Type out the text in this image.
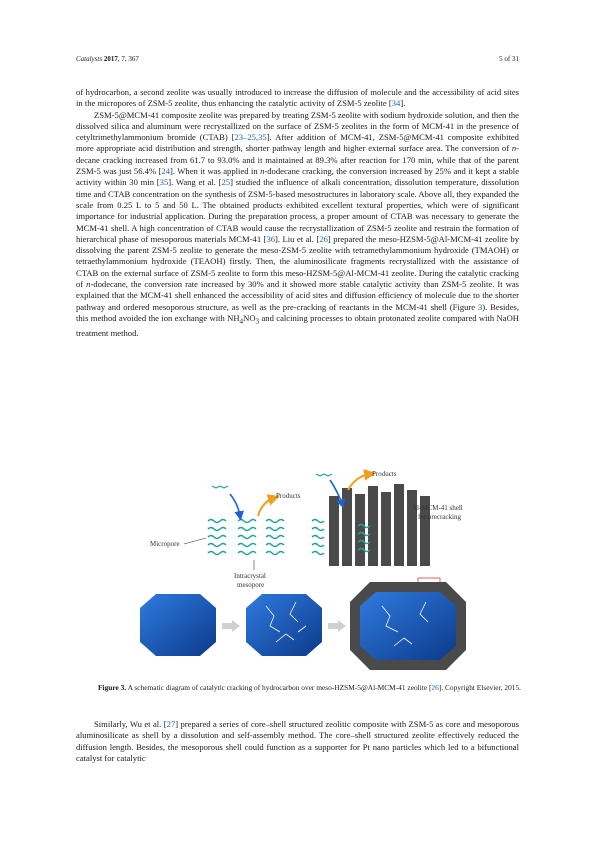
Catalysts 2017, 7, 367	5 of 31

of hydrocarbon, a second zeolite was usually introduced to increase the diffusion of molecule and the accessibility of acid sites in the micropores of ZSM-5 zeolite, thus enhancing the catalytic activity of ZSM-5 zeolite [34].

ZSM-5@MCM-41 composite zeolite was prepared by treating ZSM-5 zeolite with sodium hydroxide solution, and then the dissolved silica and aluminum were recrystallized on the surface of ZSM-5 zeolites in the form of MCM-41 in the presence of cetyltrimethylammonium bromide (CTAB) [23–25,35]. After addition of MCM-41, ZSM-5@MCM-41 composite exhibited more appropriate acid distribution and strength, shorter pathway length and higher external surface area. The conversion of n-decane cracking increased from 61.7 to 93.0% and it maintained at 89.3% after reaction for 170 min, while that of the parent ZSM-5 was just 56.4% [24]. When it was applied in n-dodecane cracking, the conversion increased by 25% and it kept a stable activity within 30 min [35]. Wang et al. [25] studied the influence of alkali concentration, dissolution temperature, dissolution time and CTAB concentration on the synthesis of ZSM-5-based mesostructures in laboratory scale. Above all, they expanded the scale from 0.25 L to 5 and 50 L. The obtained products exhibited excellent textural properties, which were of significant importance for industrial application. During the preparation process, a proper amount of CTAB was necessary to generate the MCM-41 shell. A high concentration of CTAB would cause the recrystallization of ZSM-5 zeolite and restrain the formation of hierarchical phase of mesoporous materials MCM-41 [36]. Liu et al. [26] prepared the meso-HZSM-5@Al-MCM-41 zeolite by dissolving the parent ZSM-5 zeolite to generate the meso-ZSM-5 zeolite with tetramethylammonium hydroxide (TMAOH) or tetraethylammonium hydroxide (TEAOH) firstly. Then, the aluminosilicate fragments recrystallized with the assistance of CTAB on the external surface of ZSM-5 zeolite to form this meso-HZSM-5@Al-MCM-41 zeolite. During the catalytic cracking of n-dodecane, the conversion rate increased by 30% and it showed more stable catalytic activity than ZSM-5 zeolite. It was explained that the MCM-41 shell enhanced the accessibility of acid sites and diffusion efficiency of molecule due to the shorter pathway and ordered mesoporous structure, as well as the pre-cracking of reactants in the MCM-41 shell (Figure 3). Besides, this method avoided the ion exchange with $NH_4NO_3$ and calcining processes to obtain protonated zeolite compared with NaOH treatment method.

Products
Micropore
Intracrystal
mesopore
Products
Al-MCM-41 shell
for precracking
Figure 3. A schematic diagram of catalytic cracking of hydrocarbon over meso-HZSM-5@Al-MCM-41 zeolite [26]. Copyright Elsevier, 2015.

Similarly, Wu et al. [27] prepared a series of core–shell structured zeolitic composite with ZSM-5 as core and mesoporous aluminosilicate as shell by a dissolution and self-assembly method. The core–shell structured zeolite effectively reduced the diffusion length. Besides, the mesoporous shell could function as a supporter for Pt nano particles which led to a bifunctional catalyst for catalytic
